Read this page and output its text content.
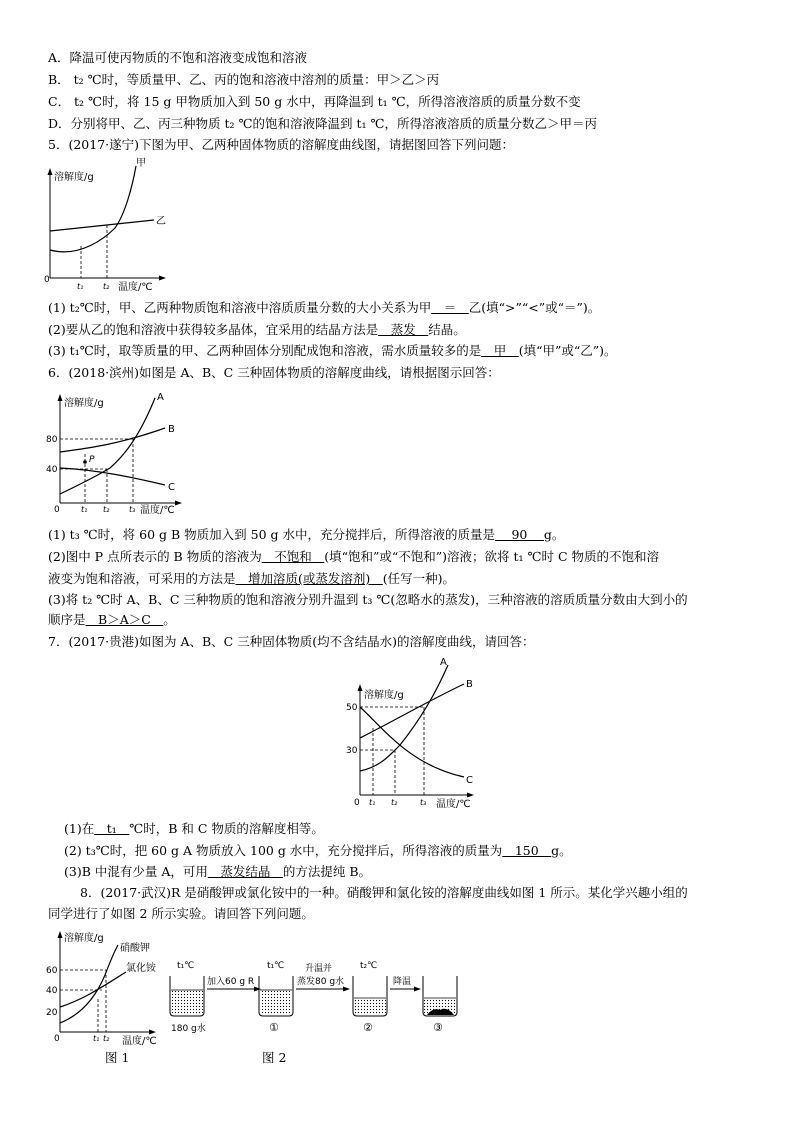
A．降温可使丙物质的不饱和溶液变成饱和溶液
B． t₂ ℃时，等质量甲、乙、丙的饱和溶液中溶剂的质量：甲＞乙＞丙
C． t₂ ℃时，将 15 g 甲物质加入到 50 g 水中，再降温到 t₁ ℃，所得溶液溶质的质量分数不变
D．分别将甲、乙、丙三种物质 t₂ ℃的饱和溶液降温到 t₁ ℃，所得溶液溶质的质量分数乙＞甲＝丙
5．(2017·遂宁)下图为甲、乙两种固体物质的溶解度曲线图，请据图回答下列问题：
溶解度/g
温度/℃
0
t₁ t₂
甲
乙
(1) t₂℃时，甲、乙两种物质饱和溶液中溶质质量分数的大小关系为甲＿＝＿乙(填“>”“<”或“＝”)。
(2)要从乙的饱和溶液中获得较多晶体，宜采用的结晶方法是＿蒸发＿结晶。
(3) t₁℃时，取等质量的甲、乙两种固体分别配成饱和溶液，需水质量较多的是＿甲＿(填“甲”或“乙”)。
6．(2018·滨州)如图是 A、B、C 三种固体物质的溶解度曲线，请根据图示回答：
溶解度/g
温度/℃
0
80
40
P
t₁ t₂ t₃
A
B
C
(1) t₃ ℃时，将 60 g B 物质加入到 50 g 水中，充分搅拌后，所得溶液的质量是＿ 90 ＿g。
(2)图中 P 点所表示的 B 物质的溶液为＿不饱和＿(填“饱和”或“不饱和”)溶液；欲将 t₁ ℃时 C 物质的不饱和溶
液变为饱和溶液，可采用的方法是＿增加溶质(或蒸发溶剂)＿(任写一种)。
(3)将 t₂ ℃时 A、B、C 三种物质的饱和溶液分别升温到 t₃ ℃(忽略水的蒸发)，三种溶液的溶质质量分数由大到小的
顺序是＿B＞A＞C＿。
7．(2017·贵港)如图为 A、B、C 三种固体物质(均不含结晶水)的溶解度曲线，请回答：
溶解度/g
温度/℃
0
50
30
t₁ t₂	t₃
A
B
C
(1)在＿t₁＿℃时，B 和 C 物质的溶解度相等。
(2) t₃℃时，把 60 g A 物质放入 100 g 水中，充分搅拌后，所得溶液的质量为＿150＿g。
(3)B 中混有少量 A，可用＿蒸发结晶＿的方法提纯 B。
8．(2017·武汉)R 是硝酸钾或氯化铵中的一种。硝酸钾和氯化铵的溶解度曲线如图 1 所示。某化学兴趣小组的
同学进行了如图 2 所示实验。请回答下列问题。
溶解度/g
温度/℃
0
60
40
20
t₁ t₂
硝酸钾
氯化铵 t₁℃
180 g水
加入60 g R
t₁℃
①
升温并
蒸发80 g水
t₂℃
②
降温
③
图 1	图 2
